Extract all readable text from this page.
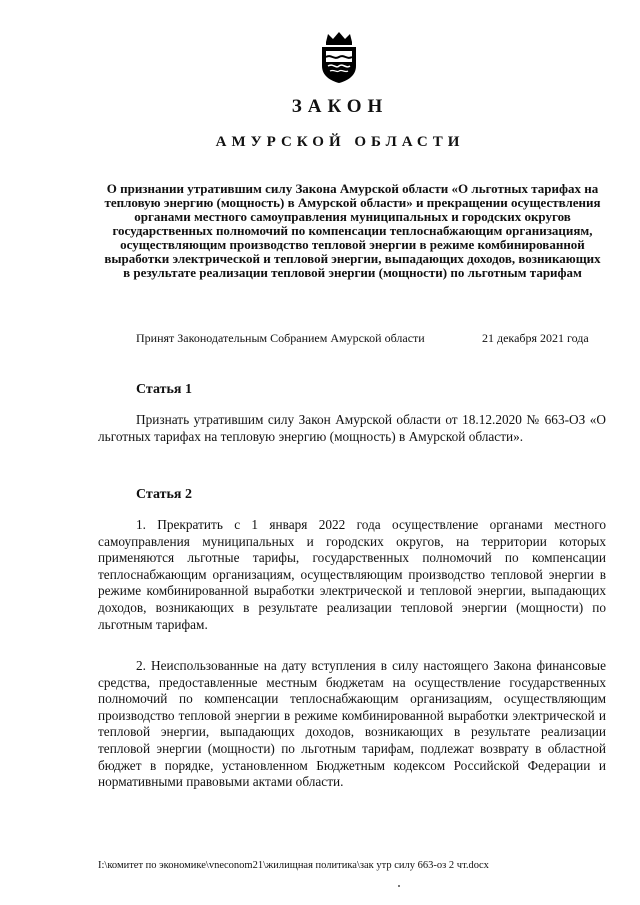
ЗАКОН
АМУРСКОЙ ОБЛАСТИ
О признании утратившим силу Закона Амурской области «О льготных тарифах на тепловую энергию (мощность) в Амурской области» и прекращении осуществления органами местного самоуправления муниципальных и городских округов государственных полномочий по компенсации теплоснабжающим организациям, осуществляющим производство тепловой энергии в режиме комбинированной выработки электрической и тепловой энергии, выпадающих доходов, возникающих в результате реализации тепловой энергии (мощности) по льготным тарифам
Принят Законодательным Собранием Амурской области	21 декабря 2021 года
Статья 1
Признать утратившим силу Закон Амурской области от 18.12.2020 № 663-ОЗ «О льготных тарифах на тепловую энергию (мощность) в Амурской области».
Статья 2
1. Прекратить с 1 января 2022 года осуществление органами местного самоуправления муниципальных и городских округов, на территории которых применяются льготные тарифы, государственных полномочий по компенсации теплоснабжающим организациям, осуществляющим производство тепловой энергии в режиме комбинированной выработки электрической и тепловой энергии, выпадающих доходов, возникающих в результате реализации тепловой энергии (мощности) по льготным тарифам.
2. Неиспользованные на дату вступления в силу настоящего Закона финансовые средства, предоставленные местным бюджетам на осуществление государственных полномочий по компенсации теплоснабжающим организациям, осуществляющим производство тепловой энергии в режиме комбинированной выработки электрической и тепловой энергии, выпадающих доходов, возникающих в результате реализации тепловой энергии (мощности) по льготным тарифам, подлежат возврату в областной бюджет в порядке, установленном Бюджетным кодексом Российской Федерации и нормативными правовыми актами области.
I:\комитет по экономике\vneconom21\жилищная политика\зак утр силу 663-оз 2 чт.docx
